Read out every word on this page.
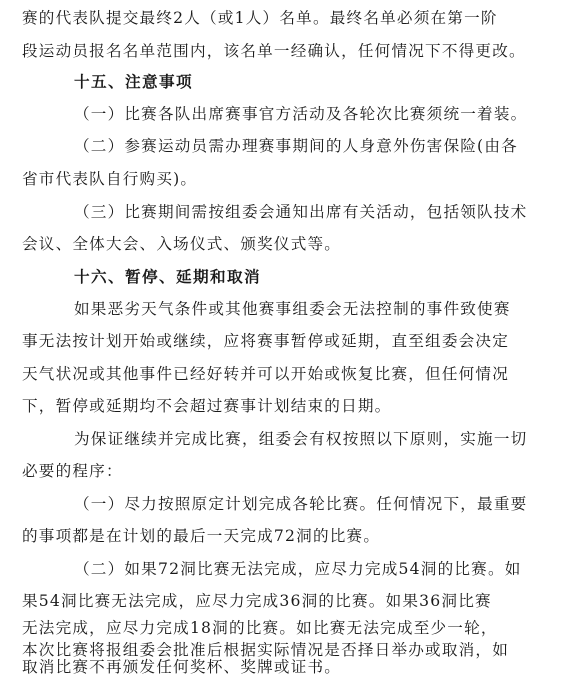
赛的代表队提交最终2人（或1人）名单。最终名单必须在第一阶
段运动员报名名单范围内，该名单一经确认，任何情况下不得更改。
十五、注意事项
（一）比赛各队出席赛事官方活动及各轮次比赛须统一着装。
（二）参赛运动员需办理赛事期间的人身意外伤害保险(由各
省市代表队自行购买)。
（三）比赛期间需按组委会通知出席有关活动，包括领队技术
会议、全体大会、入场仪式、颁奖仪式等。
十六、暂停、延期和取消
如果恶劣天气条件或其他赛事组委会无法控制的事件致使赛
事无法按计划开始或继续，应将赛事暂停或延期，直至组委会决定
天气状况或其他事件已经好转并可以开始或恢复比赛，但任何情况
下，暂停或延期均不会超过赛事计划结束的日期。
为保证继续并完成比赛，组委会有权按照以下原则，实施一切
必要的程序：
（一）尽力按照原定计划完成各轮比赛。任何情况下，最重要
的事项都是在计划的最后一天完成72洞的比赛。
（二）如果72洞比赛无法完成，应尽力完成54洞的比赛。如
果54洞比赛无法完成，应尽力完成36洞的比赛。如果36洞比赛
无法完成，应尽力完成18洞的比赛。如比赛无法完成至少一轮，
本次比赛将报组委会批准后根据实际情况是否择日举办或取消，如
取消比赛不再颁发任何奖杯、奖牌或证书。
